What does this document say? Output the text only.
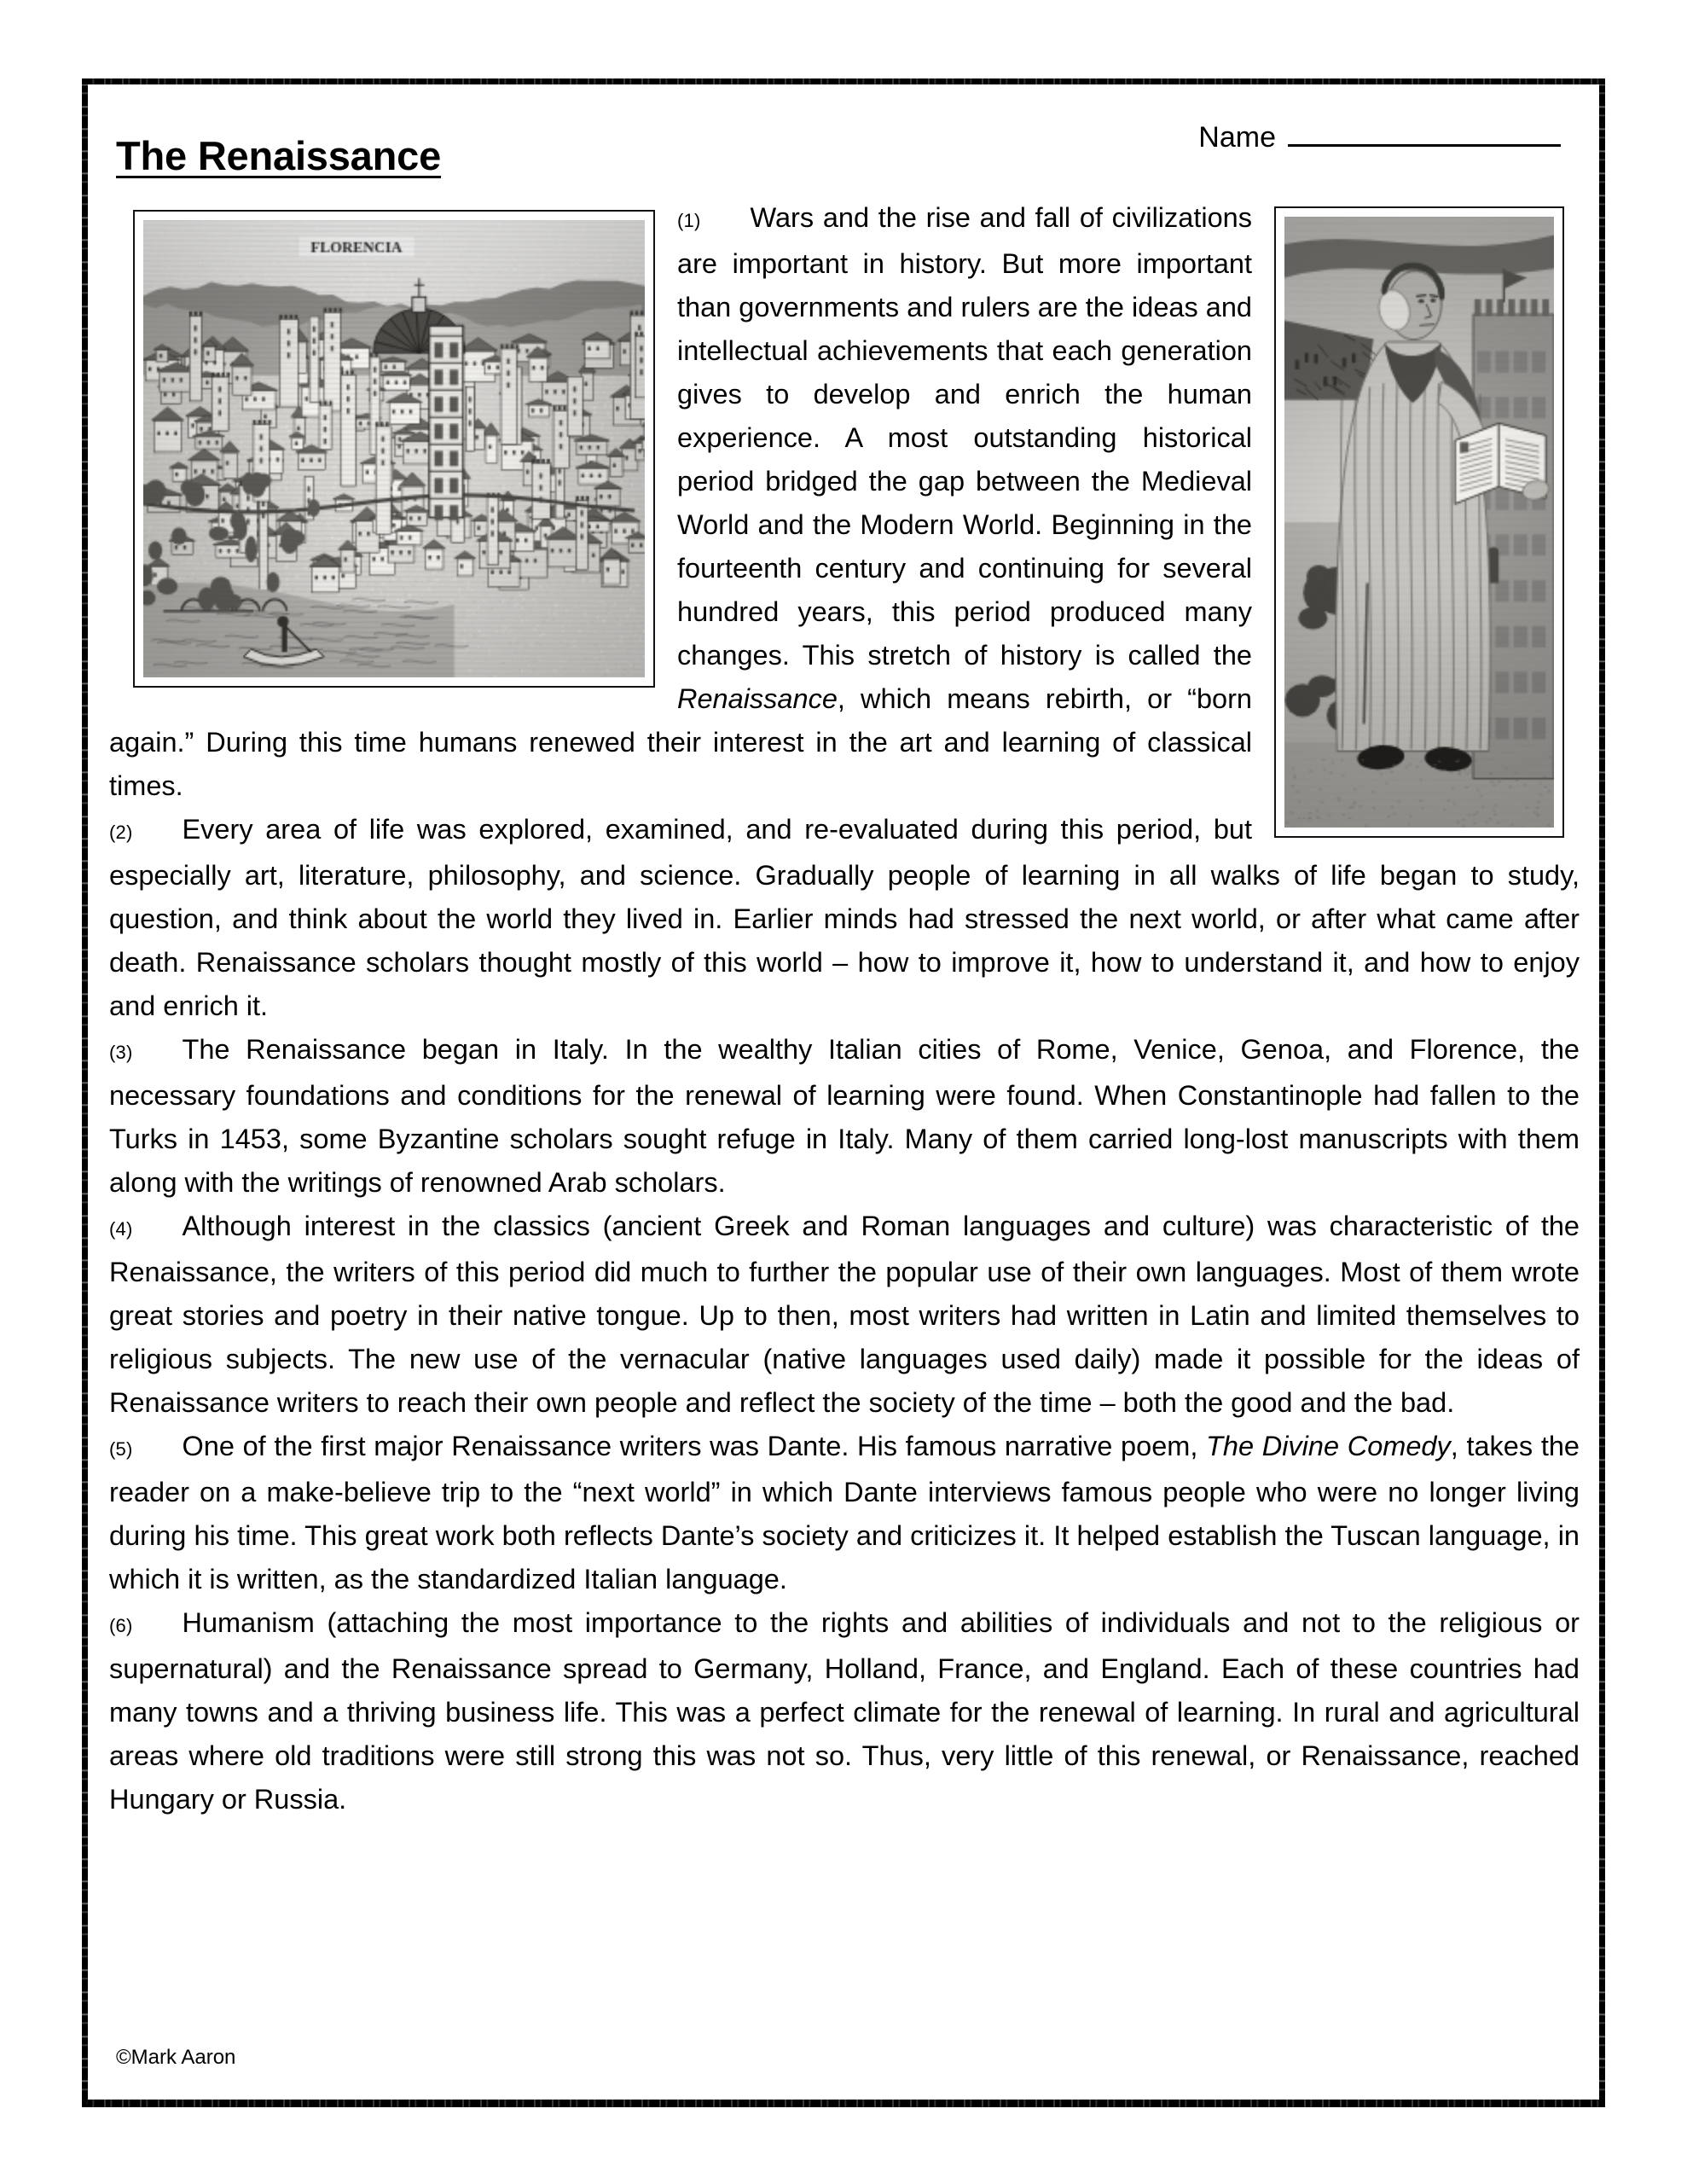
The Renaissance	Name

(1) Wars and the rise and fall of civilizations are important in history. But more important than governments and rulers are the ideas and intellectual achievements that each generation gives to develop and enrich the human experience. A most outstanding historical period bridged the gap between the Medieval World and the Modern World. Beginning in the fourteenth century and continuing for several hundred years, this period produced many changes. This stretch of history is called the Renaissance, which means rebirth, or “born again.” During this time humans renewed their interest in the art and learning of classical times.

(2) Every area of life was explored, examined, and re-evaluated during this period, but especially art, literature, philosophy, and science. Gradually people of learning in all walks of life began to study, question, and think about the world they lived in. Earlier minds had stressed the next world, or after what came after death. Renaissance scholars thought mostly of this world – how to improve it, how to understand it, and how to enjoy and enrich it.

(3) The Renaissance began in Italy. In the wealthy Italian cities of Rome, Venice, Genoa, and Florence, the necessary foundations and conditions for the renewal of learning were found. When Constantinople had fallen to the Turks in 1453, some Byzantine scholars sought refuge in Italy. Many of them carried long-lost manuscripts with them along with the writings of renowned Arab scholars.

(4) Although interest in the classics (ancient Greek and Roman languages and culture) was characteristic of the Renaissance, the writers of this period did much to further the popular use of their own languages. Most of them wrote great stories and poetry in their native tongue. Up to then, most writers had written in Latin and limited themselves to religious subjects. The new use of the vernacular (native languages used daily) made it possible for the ideas of Renaissance writers to reach their own people and reflect the society of the time – both the good and the bad.

(5) One of the first major Renaissance writers was Dante. His famous narrative poem, The Divine Comedy, takes the reader on a make-believe trip to the “next world” in which Dante interviews famous people who were no longer living during his time. This great work both reflects Dante’s society and criticizes it. It helped establish the Tuscan language, in which it is written, as the standardized Italian language.

(6) Humanism (attaching the most importance to the rights and abilities of individuals and not to the religious or supernatural) and the Renaissance spread to Germany, Holland, France, and England. Each of these countries had many towns and a thriving business life. This was a perfect climate for the renewal of learning. In rural and agricultural areas where old traditions were still strong this was not so. Thus, very little of this renewal, or Renaissance, reached Hungary or Russia.

©Mark Aaron
